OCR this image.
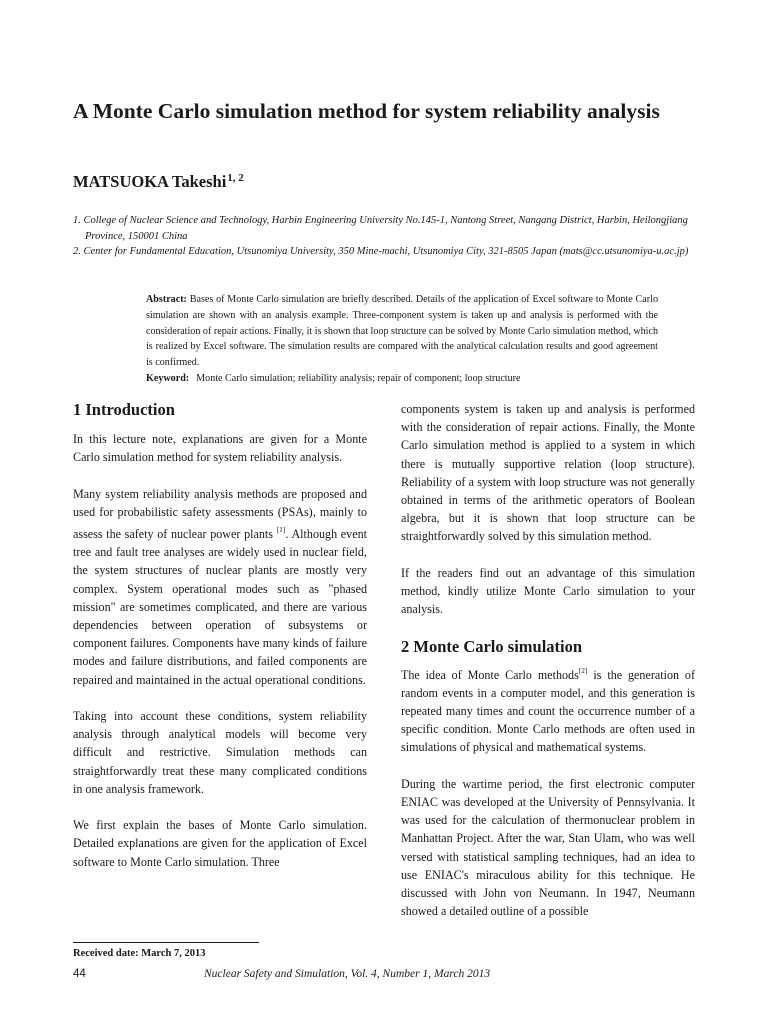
A Monte Carlo simulation method for system reliability analysis
MATSUOKA Takeshi$^{1, 2}$

1. College of Nuclear Science and Technology, Harbin Engineering University No.145-1, Nantong Street, Nangang District, Harbin, Heilongjiang Province, 150001 China

2. Center for Fundamental Education, Utsunomiya University, 350 Mine-machi, Utsunomiya City, 321-8505 Japan (mats@cc.utsunomiya-u.ac.jp)

Abstract: Bases of Monte Carlo simulation are briefly described. Details of the application of Excel software to Monte Carlo simulation are shown with an analysis example. Three-component system is taken up and analysis is performed with the consideration of repair actions. Finally, it is shown that loop structure can be solved by Monte Carlo simulation method, which is realized by Excel software. The simulation results are compared with the analytical calculation results and good agreement is confirmed.

Keyword: Monte Carlo simulation; reliability analysis; repair of component; loop structure

1 Introduction

In this lecture note, explanations are given for a Monte Carlo simulation method for system reliability analysis.

Many system reliability analysis methods are proposed and used for probabilistic safety assessments (PSAs), mainly to assess the safety of nuclear power plants [1]. Although event tree and fault tree analyses are widely used in nuclear field, the system structures of nuclear plants are mostly very complex. System operational modes such as "phased mission" are sometimes complicated, and there are various dependencies between operation of subsystems or component failures. Components have many kinds of failure modes and failure distributions, and failed components are repaired and maintained in the actual operational conditions.

Taking into account these conditions, system reliability analysis through analytical models will become very difficult and restrictive. Simulation methods can straightforwardly treat these many complicated conditions in one analysis framework.

We first explain the bases of Monte Carlo simulation. Detailed explanations are given for the application of Excel software to Monte Carlo simulation. Three

components system is taken up and analysis is performed with the consideration of repair actions. Finally, the Monte Carlo simulation method is applied to a system in which there is mutually supportive relation (loop structure). Reliability of a system with loop structure was not generally obtained in terms of the arithmetic operators of Boolean algebra, but it is shown that loop structure can be straightforwardly solved by this simulation method.

If the readers find out an advantage of this simulation method, kindly utilize Monte Carlo simulation to your analysis.

2 Monte Carlo simulation

The idea of Monte Carlo methods[2] is the generation of random events in a computer model, and this generation is repeated many times and count the occurrence number of a specific condition. Monte Carlo methods are often used in simulations of physical and mathematical systems.

During the wartime period, the first electronic computer ENIAC was developed at the University of Pennsylvania. It was used for the calculation of thermonuclear problem in Manhattan Project. After the war, Stan Ulam, who was well versed with statistical sampling techniques, had an idea to use ENIAC's miraculous ability for this technique. He discussed with John von Neumann. In 1947, Neumann showed a detailed outline of a possible

Received date: March 7, 2013
44	Nuclear Safety and Simulation, Vol. 4, Number 1, March 2013
